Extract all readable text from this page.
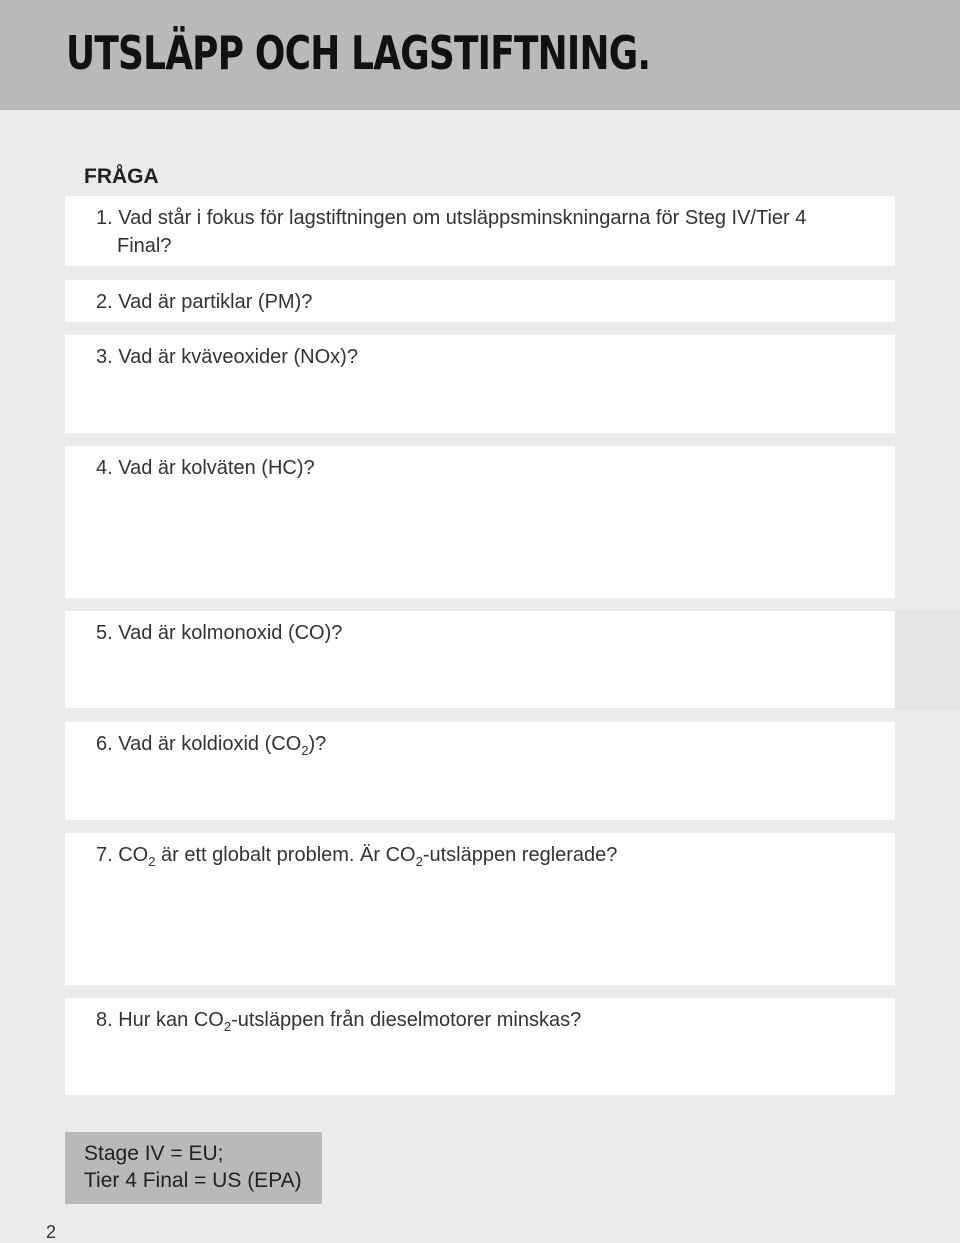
UTSLÄPP OCH LAGSTIFTNING.
FRÅGA
1. Vad står i fokus för lagstiftningen om utsläppsminskningarna för Steg IV/Tier 4 Final?
2. Vad är partiklar (PM)?
3. Vad är kväveoxider (NOx)?
4. Vad är kolväten (HC)?
5. Vad är kolmonoxid (CO)?
6. Vad är koldioxid $(CO_2)$?
7. $CO_2$ är ett globalt problem. Är $CO_2$-utsläppen reglerade?
8. Hur kan $CO_2$-utsläppen från dieselmotorer minskas?
Stage IV = EU;
Tier 4 Final = US (EPA)
2
